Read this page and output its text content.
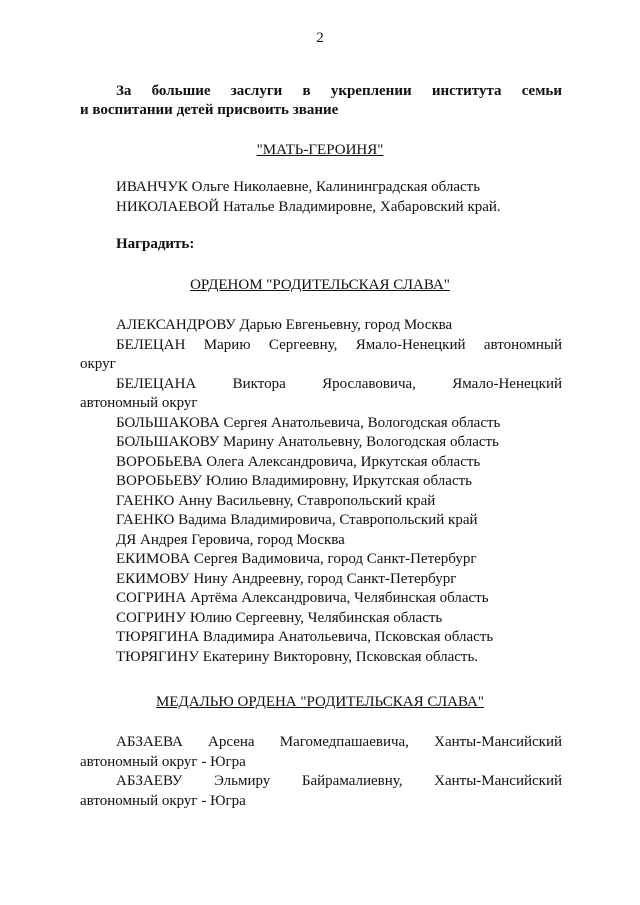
2
За большие заслуги в укреплении института семьи
и воспитании детей присвоить звание
"МАТЬ-ГЕРОИНЯ"
ИВАНЧУК Ольге Николаевне, Калининградская область
НИКОЛАЕВОЙ Наталье Владимировне, Хабаровский край.
Наградить:
ОРДЕНОМ "РОДИТЕЛЬСКАЯ СЛАВА"
АЛЕКСАНДРОВУ Дарью Евгеньевну, город Москва
БЕЛЕЦАН Марию Сергеевну, Ямало-Ненецкий автономный
округ
БЕЛЕЦАНА Виктора Ярославовича, Ямало-Ненецкий
автономный округ
БОЛЬШАКОВА Сергея Анатольевича, Вологодская область
БОЛЬШАКОВУ Марину Анатольевну, Вологодская область
ВОРОБЬЕВА Олега Александровича, Иркутская область
ВОРОБЬЕВУ Юлию Владимировну, Иркутская область
ГАЕНКО Анну Васильевну, Ставропольский край
ГАЕНКО Вадима Владимировича, Ставропольский край
ДЯ Андрея Геровича, город Москва
ЕКИМОВА Сергея Вадимовича, город Санкт-Петербург
ЕКИМОВУ Нину Андреевну, город Санкт-Петербург
СОГРИНА Артёма Александровича, Челябинская область
СОГРИНУ Юлию Сергеевну, Челябинская область
ТЮРЯГИНА Владимира Анатольевича, Псковская область
ТЮРЯГИНУ Екатерину Викторовну, Псковская область.
МЕДАЛЬЮ ОРДЕНА "РОДИТЕЛЬСКАЯ СЛАВА"
АБЗАЕВА Арсена Магомедпашаевича, Ханты-Мансийский
автономный округ - Югра
АБЗАЕВУ Эльмиру Байрамалиевну, Ханты-Мансийский
автономный округ - Югра
